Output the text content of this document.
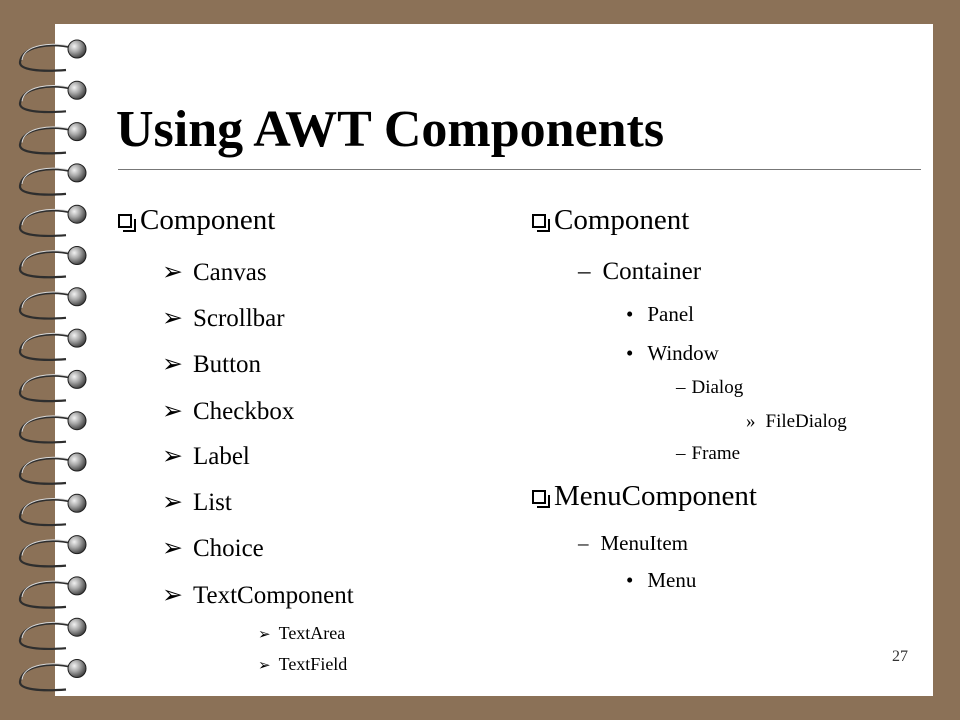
Using AWT Components
Component
➢ Canvas
➢ Scrollbar
➢ Button
➢ Checkbox
➢ Label
➢ List
➢ Choice
➢ TextComponent
➢ TextArea
➢ TextField
Component
– Container
• Panel
• Window
– Dialog
» FileDialog
– Frame
MenuComponent
– MenuItem
• Menu
27
